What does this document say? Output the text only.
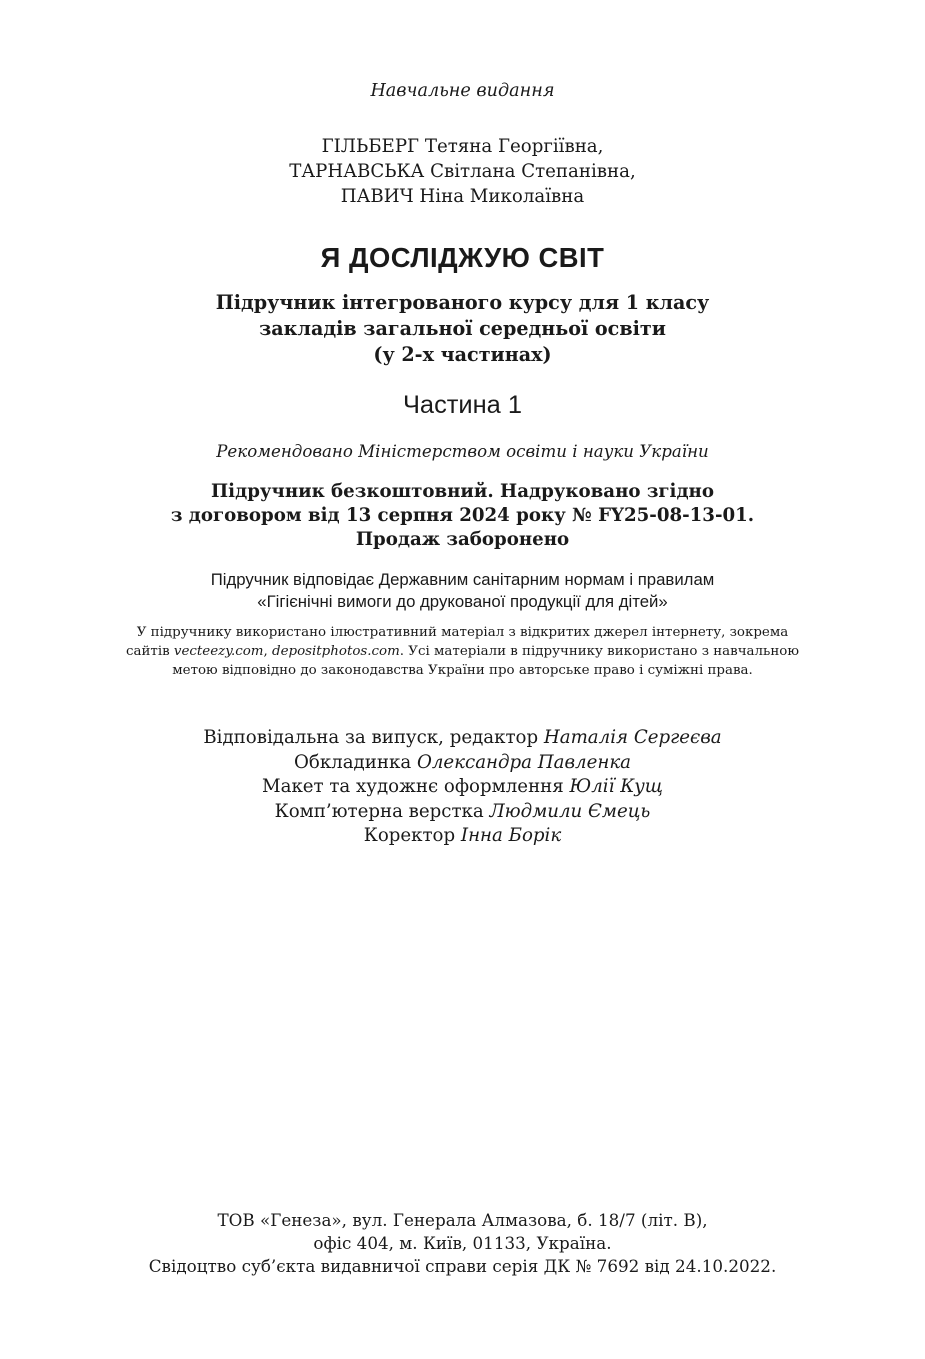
Навчальне видання
ГІЛЬБЕРГ Тетяна Георгіївна,
ТАРНАВСЬКА Світлана Степанівна,
ПАВИЧ Ніна Миколаївна
Я ДОСЛІДЖУЮ СВІТ
Підручник інтегрованого курсу для 1 класу
закладів загальної середньої освіти
(у 2-х частинах)
Частина 1
Рекомендовано Міністерством освіти і науки України
Підручник безкоштовний. Надруковано згідно
з договором від 13 серпня 2024 року № FY25-08-13-01.
Продаж заборонено
Підручник відповідає Державним санітарним нормам і правилам
«Гігієнічні вимоги до друкованої продукції для дітей»
У підручнику використано ілюстративний матеріал з відкритих джерел інтернету, зокрема
сайтів vecteezy.com, depositphotos.com. Усі матеріали в підручнику використано з навчальною
метою відповідно до законодавства України про авторське право і суміжні права.
Відповідальна за випуск, редактор Наталія Сергеєва
Обкладинка Олександра Павленка
Макет та художнє оформлення Юлії Кущ
Комп’ютерна верстка Людмили Ємець
Коректор Інна Борік
ТОВ «Генеза», вул. Генерала Алмазова, б. 18/7 (літ. В),
офіс 404, м. Київ, 01133, Україна.
Свідоцтво суб’єкта видавничої справи серія ДК № 7692 від 24.10.2022.
